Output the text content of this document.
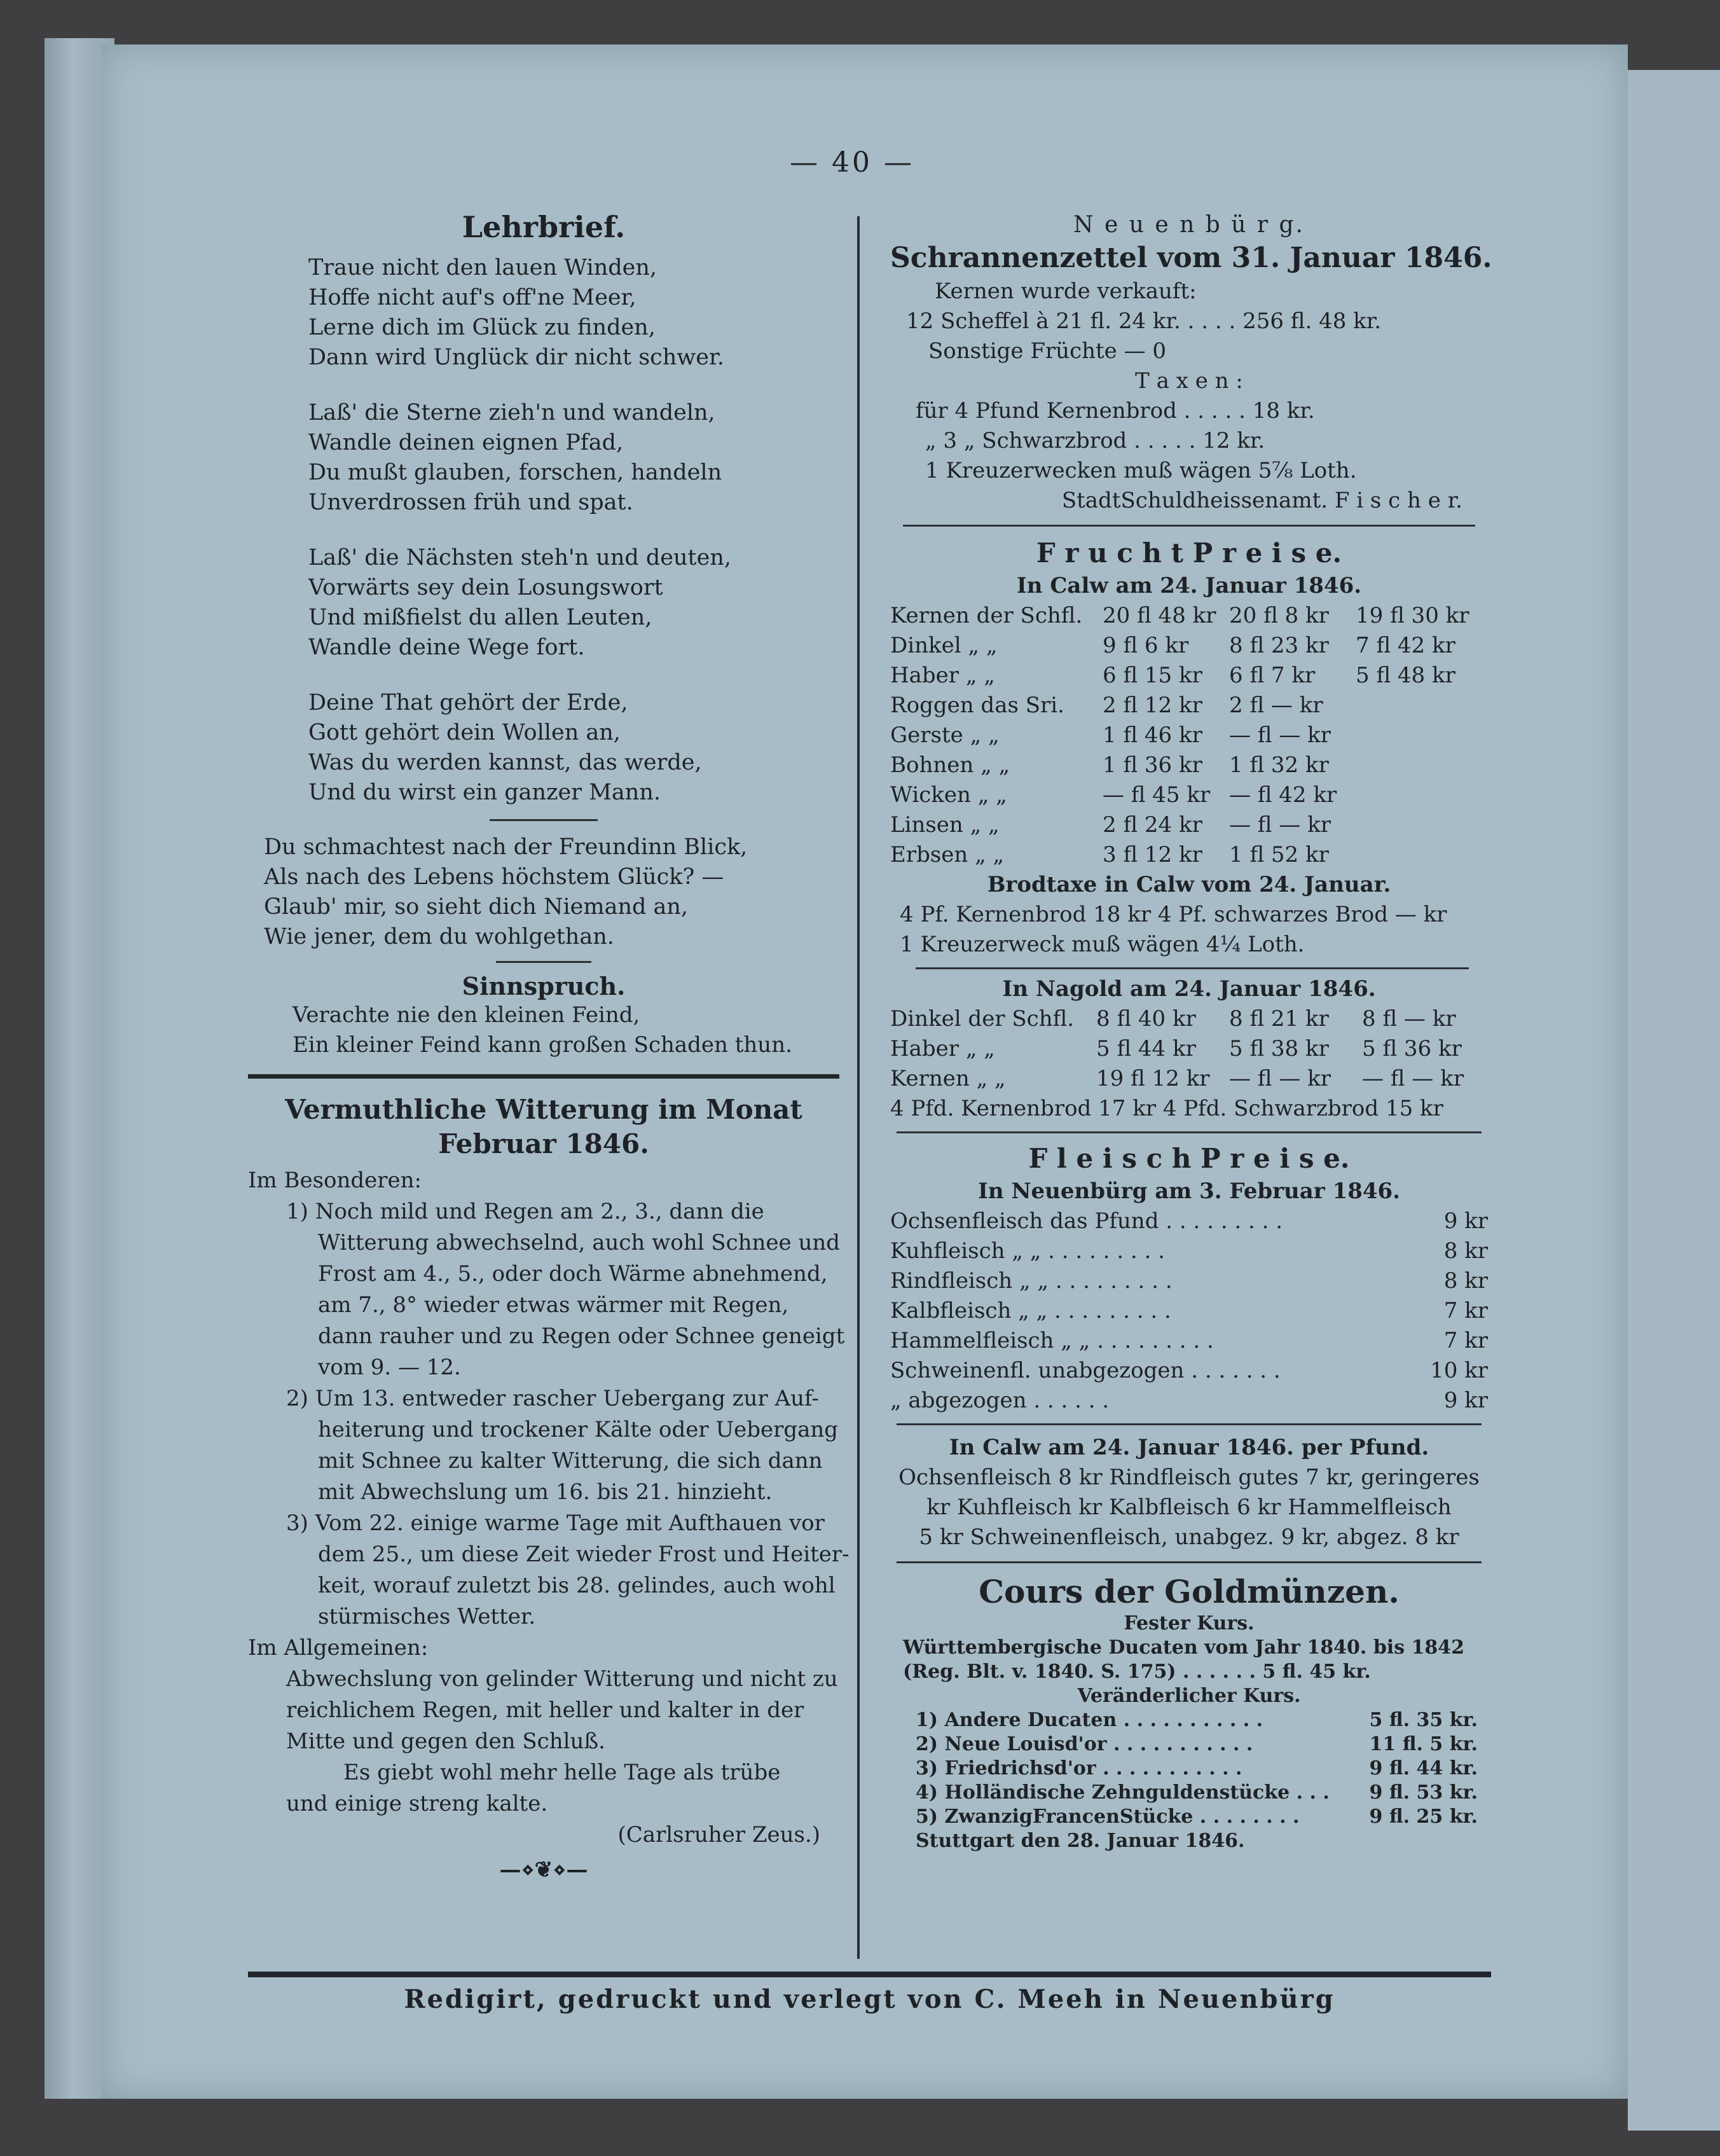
— 40 —
Lehrbrief.
Traue nicht den lauen Winden,
Hoffe nicht auf's off'ne Meer,
Lerne dich im Glück zu finden,
Dann wird Unglück dir nicht schwer.
Laß' die Sterne zieh'n und wandeln,
Wandle deinen eignen Pfad,
Du mußt glauben, forschen, handeln
Unverdrossen früh und spat.
Laß' die Nächsten steh'n und deuten,
Vorwärts sey dein Losungswort
Und mißfielst du allen Leuten,
Wandle deine Wege fort.
Deine That gehört der Erde,
Gott gehört dein Wollen an,
Was du werden kannst, das werde,
Und du wirst ein ganzer Mann.
Du schmachtest nach der Freundinn Blick,
Als nach des Lebens höchstem Glück? —
Glaub' mir, so sieht dich Niemand an,
Wie jener, dem du wohlgethan.
Sinnspruch.
Verachte nie den kleinen Feind,
Ein kleiner Feind kann großen Schaden thun.
Vermuthliche Witterung im Monat
Februar 1846.
Im Besonderen:
1) Noch mild und Regen am 2., 3., dann die
Witterung abwechselnd, auch wohl Schnee und
Frost am 4., 5., oder doch Wärme abnehmend,
am 7., 8° wieder etwas wärmer mit Regen,
dann rauher und zu Regen oder Schnee geneigt
vom 9. — 12.
2) Um 13. entweder rascher Uebergang zur Auf-
heiterung und trockener Kälte oder Uebergang
mit Schnee zu kalter Witterung, die sich dann
mit Abwechslung um 16. bis 21. hinzieht.
3) Vom 22. einige warme Tage mit Aufthauen vor
dem 25., um diese Zeit wieder Frost und Heiter-
keit, worauf zuletzt bis 28. gelindes, auch wohl
stürmisches Wetter.
Im Allgemeinen:
Abwechslung von gelinder Witterung und nicht zu
reichlichem Regen, mit heller und kalter in der
Mitte und gegen den Schluß.
Es giebt wohl mehr helle Tage als trübe
und einige streng kalte.
(Carlsruher Zeus.)
—⋄❦⋄—
N e u e n b ü r g.
Schrannenzettel vom 31. Januar 1846.
Kernen wurde verkauft:
12 Scheffel à 21 fl. 24 kr. . . . . 256 fl. 48 kr.
Sonstige Früchte — 0
T a x e n :
für 4 Pfund Kernenbrod . . . . . 18 kr.
„ 3 „ Schwarzbrod . . . . . 12 kr.
1 Kreuzerwecken muß wägen 5⁷⁄₈ Loth.
StadtSchuldheissenamt. F i s c h e r.
F r u c h t P r e i s e.
In Calw am 24. Januar 1846.
Kernen der Schfl.	20 fl 48 kr	20 fl 8 kr	19 fl 30 kr
Dinkel „ „	9 fl 6 kr	8 fl 23 kr	7 fl 42 kr
Haber „ „	6 fl 15 kr	6 fl 7 kr	5 fl 48 kr
Roggen das Sri.	2 fl 12 kr	2 fl — kr	
Gerste „ „	1 fl 46 kr	— fl — kr	
Bohnen „ „	1 fl 36 kr	1 fl 32 kr	
Wicken „ „	— fl 45 kr	— fl 42 kr	
Linsen „ „	2 fl 24 kr	— fl — kr	
Erbsen „ „	3 fl 12 kr	1 fl 52 kr	
Brodtaxe in Calw vom 24. Januar.
4 Pf. Kernenbrod 18 kr 4 Pf. schwarzes Brod — kr
1 Kreuzerweck muß wägen 4¹⁄₄ Loth.
In Nagold am 24. Januar 1846.
Dinkel der Schfl.	8 fl 40 kr	8 fl 21 kr	8 fl — kr
Haber „ „	5 fl 44 kr	5 fl 38 kr	5 fl 36 kr
Kernen „ „	19 fl 12 kr	— fl — kr	— fl — kr
4 Pfd. Kernenbrod 17 kr 4 Pfd. Schwarzbrod 15 kr
F l e i s c h P r e i s e.
In Neuenbürg am 3. Februar 1846.
Ochsenfleisch das Pfund . . . . . . . . .	9 kr
Kuhfleisch „ „ . . . . . . . . .	8 kr
Rindfleisch „ „ . . . . . . . . .	8 kr
Kalbfleisch „ „ . . . . . . . . .	7 kr
Hammelfleisch „ „ . . . . . . . . .	7 kr
Schweinenfl. unabgezogen . . . . . . .	10 kr
„ abgezogen . . . . . .	9 kr
In Calw am 24. Januar 1846. per Pfund.
Ochsenfleisch 8 kr Rindfleisch gutes 7 kr, geringeres
kr Kuhfleisch kr Kalbfleisch 6 kr Hammelfleisch
5 kr Schweinenfleisch, unabgez. 9 kr, abgez. 8 kr
Cours der Goldmünzen.
Fester Kurs.
Württembergische Ducaten vom Jahr 1840. bis 1842
(Reg. Blt. v. 1840. S. 175) . . . . . . 5 fl. 45 kr.
Veränderlicher Kurs.
1) Andere Ducaten . . . . . . . . . . .	5 fl. 35 kr.
2) Neue Louisd'or . . . . . . . . . . .	11 fl. 5 kr.
3) Friedrichsd'or . . . . . . . . . . .	9 fl. 44 kr.
4) Holländische Zehnguldenstücke . . .	9 fl. 53 kr.
5) ZwanzigFrancenStücke . . . . . . . .	9 fl. 25 kr.
Stuttgart den 28. Januar 1846.
Redigirt, gedruckt und verlegt von C. Meeh in Neuenbürg
